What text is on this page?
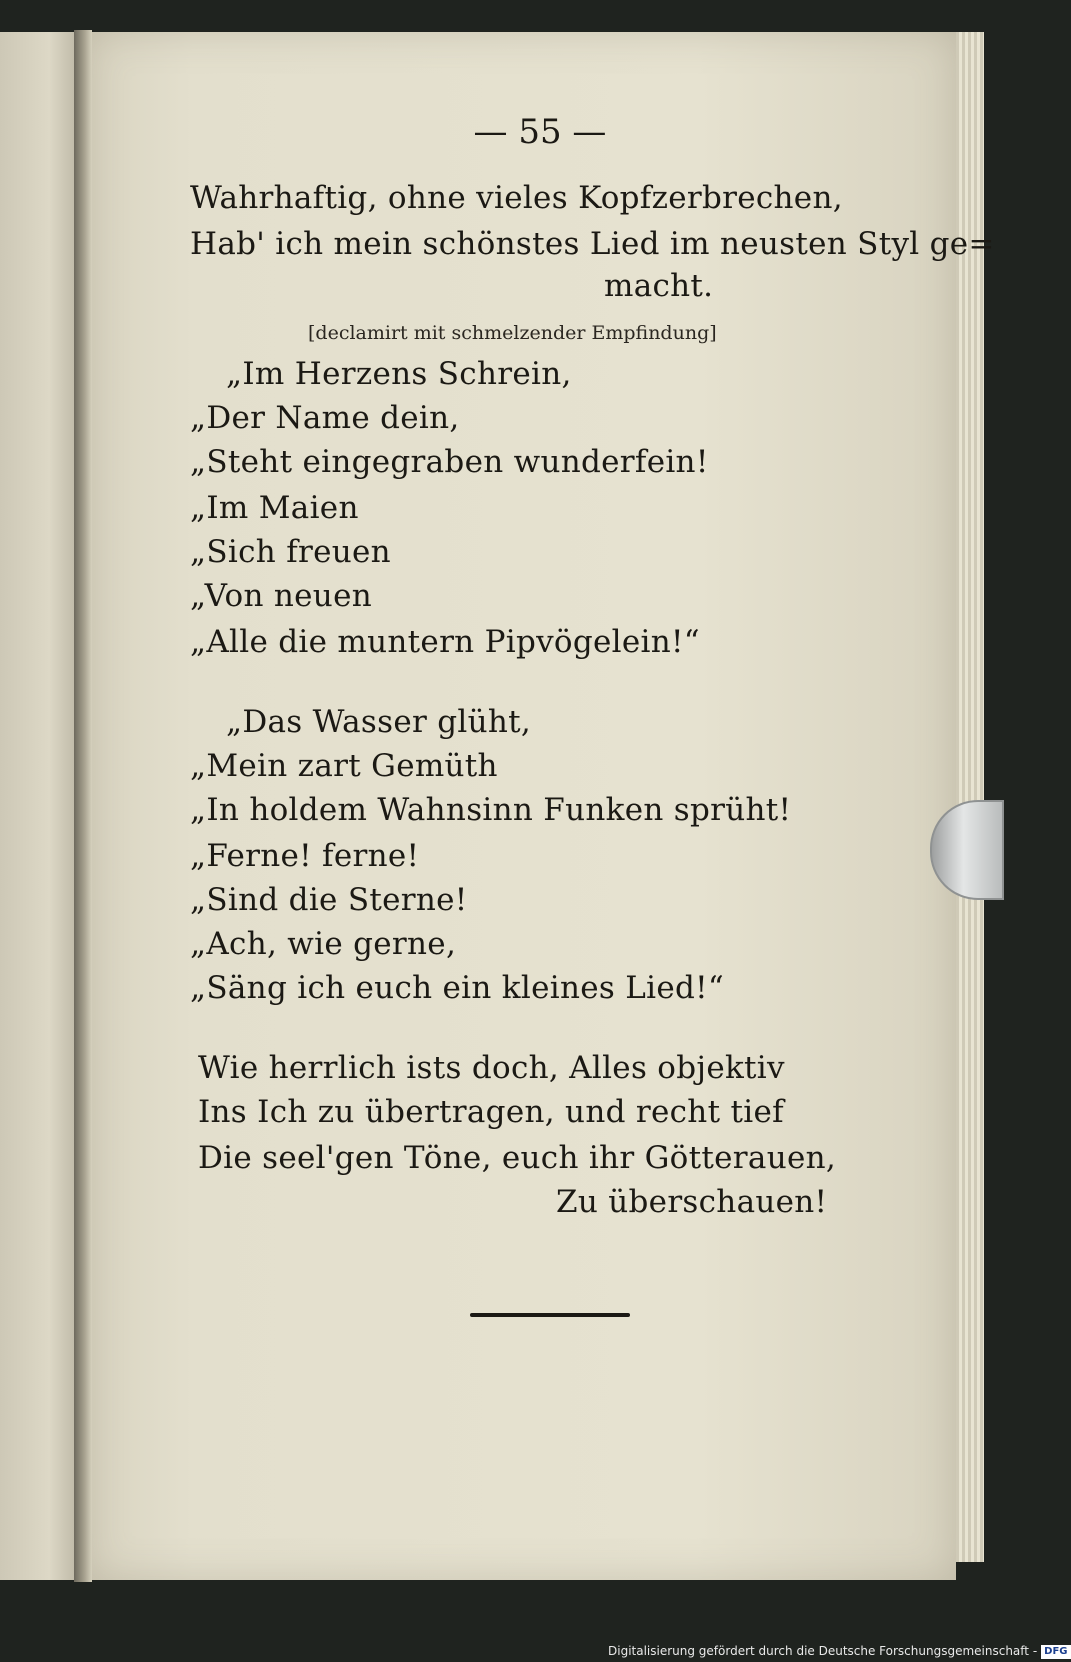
— 55 —
Wahrhaftig, ohne vieles Kopfzerbrechen,
Hab' ich mein schönstes Lied im neusten Styl ge=
macht.
[declamirt mit schmelzender Empfindung]
„Im Herzens Schrein,
„Der Name dein,
„Steht eingegraben wunderfein!
„Im Maien
„Sich freuen
„Von neuen
„Alle die muntern Pipvögelein!“
„Das Wasser glüht,
„Mein zart Gemüth
„In holdem Wahnsinn Funken sprüht!
„Ferne! ferne!
„Sind die Sterne!
„Ach, wie gerne,
„Säng ich euch ein kleines Lied!“
Wie herrlich ists doch, Alles objektiv
Ins Ich zu übertragen, und recht tief
Die seel'gen Töne, euch ihr Götterauen,
Zu überschauen!
Digitalisierung gefördert durch die Deutsche Forschungsgemeinschaft - DFG
